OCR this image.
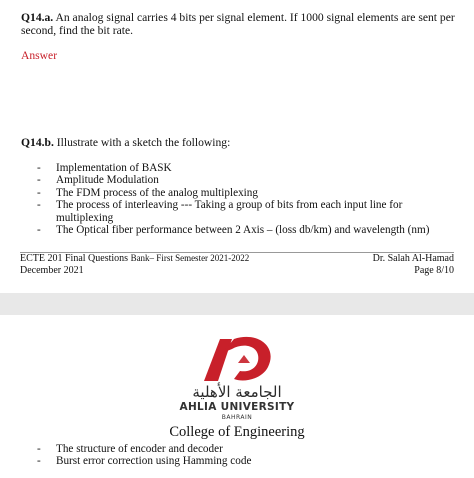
Q14.a. An analog signal carries 4 bits per signal element. If 1000 signal elements are sent per second, find the bit rate.

Answer

Q14.b. Illustrate with a sketch the following:

- Implementation of BASK
- Amplitude Modulation
- The FDM process of the analog multiplexing
- The process of interleaving --- Taking a group of bits from each input line for multiplexing
- The Optical fiber performance between 2 Axis – (loss db/km) and wavelength (nm)
ECTE 201 Final Questions Bank– First Semester 2021-2022
December 2021
Dr. Salah Al-Hamad
Page 8/10
الجامعة الأهلية
AHLIA UNIVERSITY
BAHRAIN
College of Engineering
- The structure of encoder and decoder
- Burst error correction using Hamming code
